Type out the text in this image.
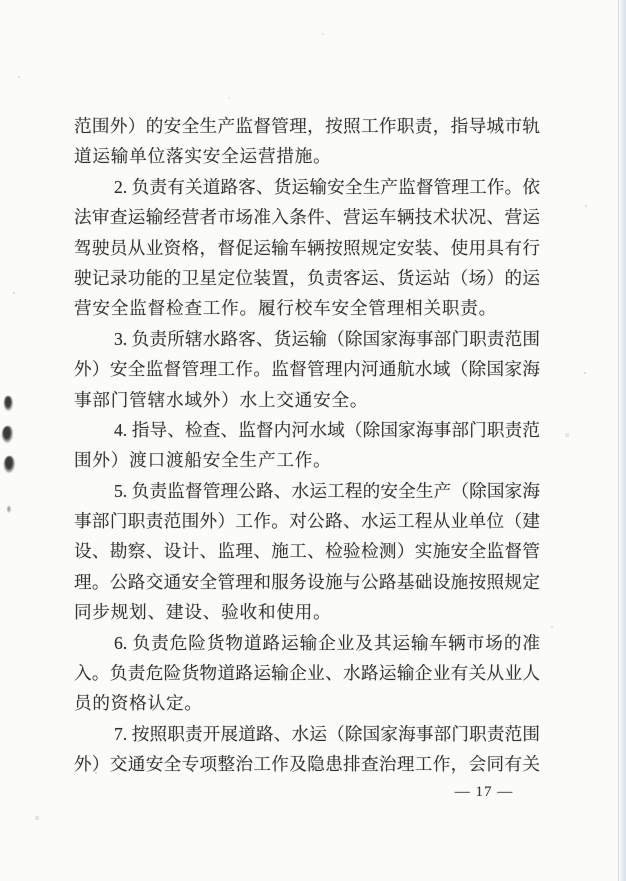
范围外）的安全生产监督管理，按照工作职责，指导城市轨
道运输单位落实安全运营措施。
2. 负责有关道路客、货运输安全生产监督管理工作。依
法审查运输经营者市场准入条件、营运车辆技术状况、营运
驾驶员从业资格，督促运输车辆按照规定安装、使用具有行
驶记录功能的卫星定位装置，负责客运、货运站（场）的运
营安全监督检查工作。履行校车安全管理相关职责。
3. 负责所辖水路客、货运输（除国家海事部门职责范围
外）安全监督管理工作。监督管理内河通航水域（除国家海
事部门管辖水域外）水上交通安全。
4. 指导、检查、监督内河水域（除国家海事部门职责范
围外）渡口渡船安全生产工作。
5. 负责监督管理公路、水运工程的安全生产（除国家海
事部门职责范围外）工作。对公路、水运工程从业单位（建
设、勘察、设计、监理、施工、检验检测）实施安全监督管
理。公路交通安全管理和服务设施与公路基础设施按照规定
同步规划、建设、验收和使用。
6. 负责危险货物道路运输企业及其运输车辆市场的准
入。负责危险货物道路运输企业、水路运输企业有关从业人
员的资格认定。
7. 按照职责开展道路、水运（除国家海事部门职责范围
外）交通安全专项整治工作及隐患排查治理工作，会同有关
— 17 —
